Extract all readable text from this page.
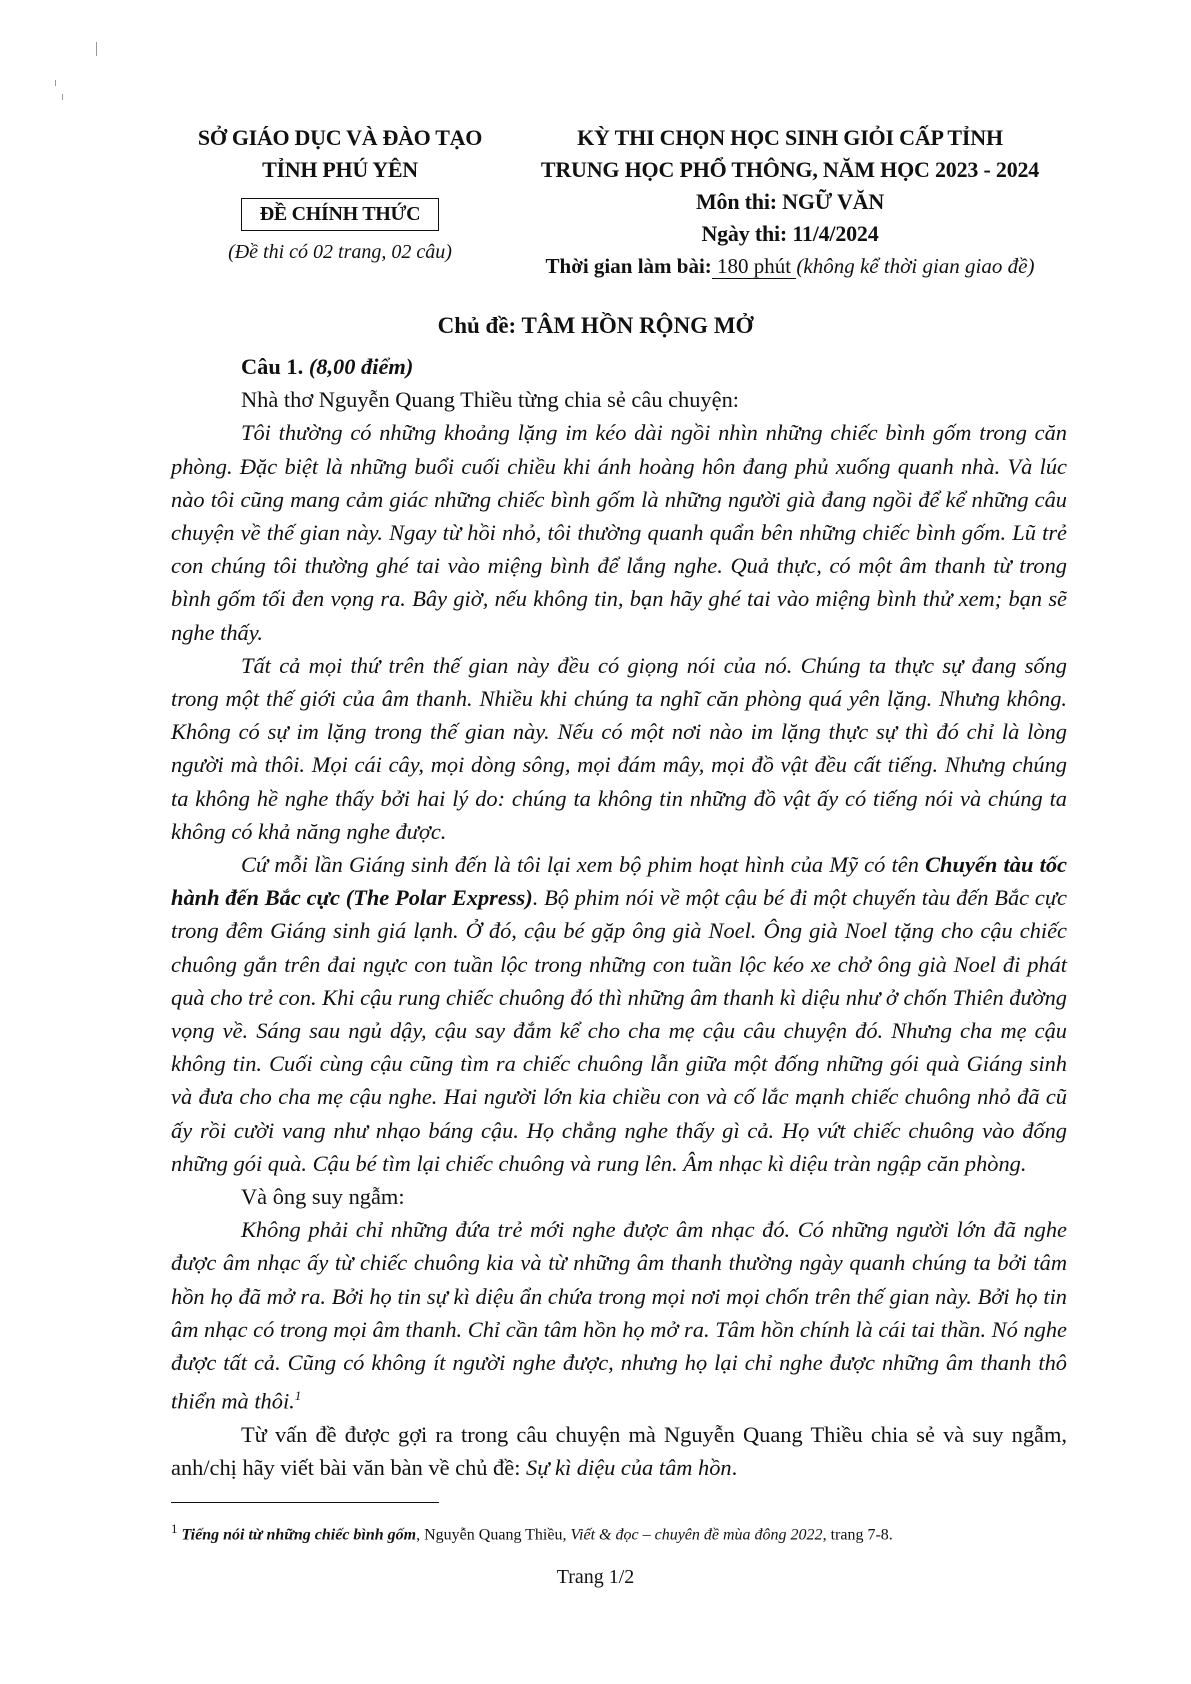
SỞ GIÁO DỤC VÀ ĐÀO TẠO
TỈNH PHÚ YÊN
ĐỀ CHÍNH THỨC
(Đề thi có 02 trang, 02 câu)
KỲ THI CHỌN HỌC SINH GIỎI CẤP TỈNH
TRUNG HỌC PHỔ THÔNG, NĂM HỌC 2023 - 2024
Môn thi: NGỮ VĂN
Ngày thi: 11/4/2024
Thời gian làm bài: 180 phút (không kể thời gian giao đề)
Chủ đề: TÂM HỒN RỘNG MỞ

Câu 1. (8,00 điểm)

Nhà thơ Nguyễn Quang Thiều từng chia sẻ câu chuyện:

Tôi thường có những khoảng lặng im kéo dài ngồi nhìn những chiếc bình gốm trong căn phòng. Đặc biệt là những buổi cuối chiều khi ánh hoàng hôn đang phủ xuống quanh nhà. Và lúc nào tôi cũng mang cảm giác những chiếc bình gốm là những người già đang ngồi để kể những câu chuyện về thế gian này. Ngay từ hồi nhỏ, tôi thường quanh quẩn bên những chiếc bình gốm. Lũ trẻ con chúng tôi thường ghé tai vào miệng bình để lắng nghe. Quả thực, có một âm thanh từ trong bình gốm tối đen vọng ra. Bây giờ, nếu không tin, bạn hãy ghé tai vào miệng bình thử xem; bạn sẽ nghe thấy.

Tất cả mọi thứ trên thế gian này đều có giọng nói của nó. Chúng ta thực sự đang sống trong một thế giới của âm thanh. Nhiều khi chúng ta nghĩ căn phòng quá yên lặng. Nhưng không. Không có sự im lặng trong thế gian này. Nếu có một nơi nào im lặng thực sự thì đó chỉ là lòng người mà thôi. Mọi cái cây, mọi dòng sông, mọi đám mây, mọi đồ vật đều cất tiếng. Nhưng chúng ta không hề nghe thấy bởi hai lý do: chúng ta không tin những đồ vật ấy có tiếng nói và chúng ta không có khả năng nghe được.

Cứ mỗi lần Giáng sinh đến là tôi lại xem bộ phim hoạt hình của Mỹ có tên Chuyến tàu tốc hành đến Bắc cực (The Polar Express). Bộ phim nói về một cậu bé đi một chuyến tàu đến Bắc cực trong đêm Giáng sinh giá lạnh. Ở đó, cậu bé gặp ông già Noel. Ông già Noel tặng cho cậu chiếc chuông gắn trên đai ngực con tuần lộc trong những con tuần lộc kéo xe chở ông già Noel đi phát quà cho trẻ con. Khi cậu rung chiếc chuông đó thì những âm thanh kì diệu như ở chốn Thiên đường vọng về. Sáng sau ngủ dậy, cậu say đắm kể cho cha mẹ cậu câu chuyện đó. Nhưng cha mẹ cậu không tin. Cuối cùng cậu cũng tìm ra chiếc chuông lẫn giữa một đống những gói quà Giáng sinh và đưa cho cha mẹ cậu nghe. Hai người lớn kia chiều con và cố lắc mạnh chiếc chuông nhỏ đã cũ ấy rồi cười vang như nhạo báng cậu. Họ chẳng nghe thấy gì cả. Họ vứt chiếc chuông vào đống những gói quà. Cậu bé tìm lại chiếc chuông và rung lên. Âm nhạc kì diệu tràn ngập căn phòng.

Và ông suy ngẫm:

Không phải chỉ những đứa trẻ mới nghe được âm nhạc đó. Có những người lớn đã nghe được âm nhạc ấy từ chiếc chuông kia và từ những âm thanh thường ngày quanh chúng ta bởi tâm hồn họ đã mở ra. Bởi họ tin sự kì diệu ẩn chứa trong mọi nơi mọi chốn trên thế gian này. Bởi họ tin âm nhạc có trong mọi âm thanh. Chỉ cần tâm hồn họ mở ra. Tâm hồn chính là cái tai thần. Nó nghe được tất cả. Cũng có không ít người nghe được, nhưng họ lại chỉ nghe được những âm thanh thô thiển mà thôi.$^1$

Từ vấn đề được gợi ra trong câu chuyện mà Nguyễn Quang Thiều chia sẻ và suy ngẫm, anh/chị hãy viết bài văn bàn về chủ đề: Sự kì diệu của tâm hồn.

$^1$ Tiếng nói từ những chiếc bình gốm, Nguyễn Quang Thiều, Viết & đọc – chuyên đề mùa đông 2022, trang 7-8.
Trang 1/2
